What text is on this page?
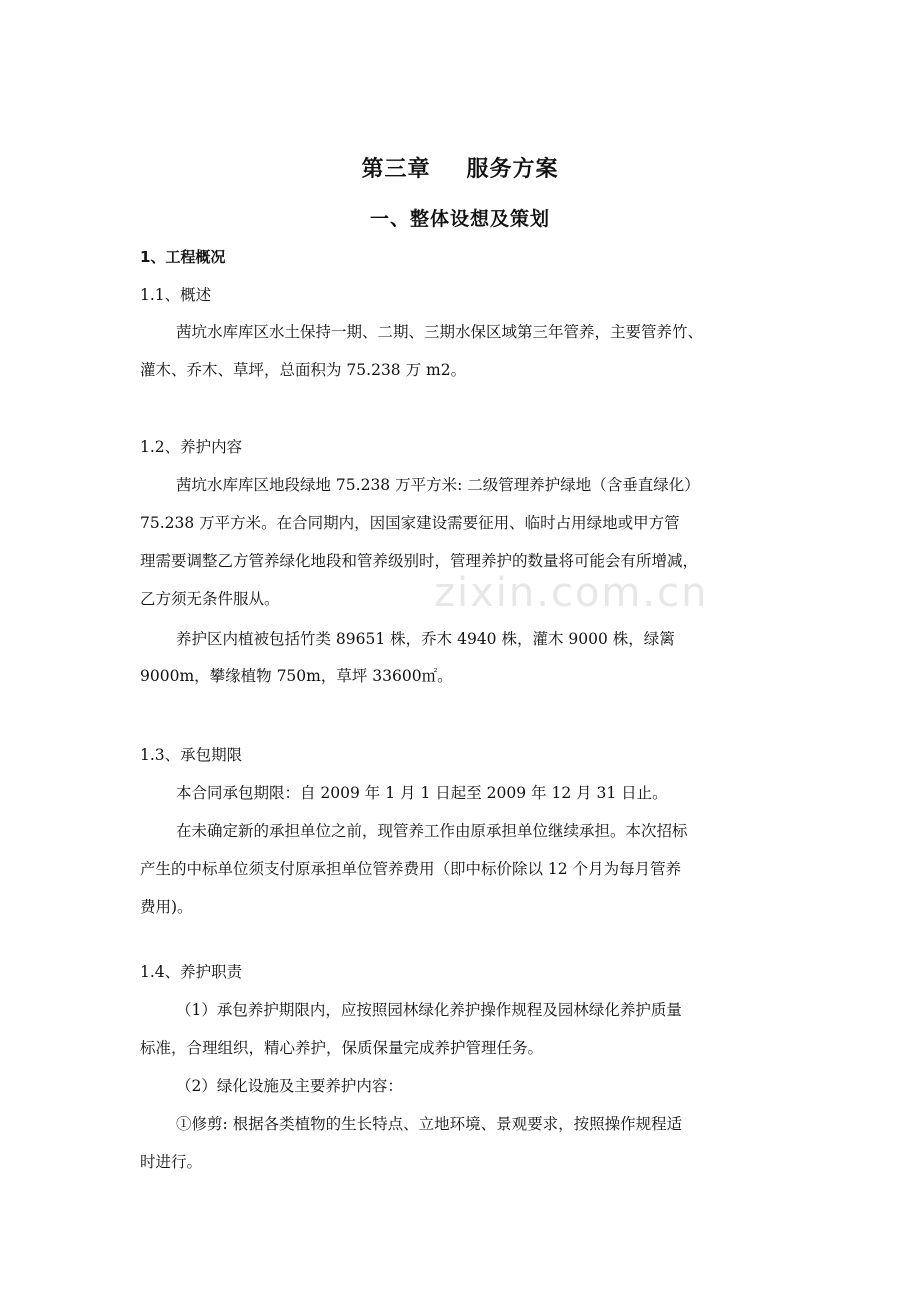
第三章 服务方案
一、整体设想及策划
1、工程概况
1.1、概述
茜坑水库库区水土保持一期、二期、三期水保区域第三年管养，主要管养竹、
灌木、乔木、草坪，总面积为 75.238 万 m2。
1.2、养护内容
茜坑水库库区地段绿地 75.238 万平方米: 二级管理养护绿地（含垂直绿化）
75.238 万平方米。在合同期内，因国家建设需要征用、临时占用绿地或甲方管
理需要调整乙方管养绿化地段和管养级别时，管理养护的数量将可能会有所增减，
乙方须无条件服从。
养护区内植被包括竹类 89651 株，乔木 4940 株，灌木 9000 株，绿篱
9000m，攀缘植物 750m，草坪 33600㎡。
1.3、承包期限
本合同承包期限：自 2009 年 1 月 1 日起至 2009 年 12 月 31 日止。
在未确定新的承担单位之前，现管养工作由原承担单位继续承担。本次招标
产生的中标单位须支付原承担单位管养费用（即中标价除以 12 个月为每月管养
费用)。
1.4、养护职责
（1）承包养护期限内，应按照园林绿化养护操作规程及园林绿化养护质量
标准，合理组织，精心养护，保质保量完成养护管理任务。
（2）绿化设施及主要养护内容：
①修剪: 根据各类植物的生长特点、立地环境、景观要求，按照操作规程适
时进行。
zixin.com.cn
